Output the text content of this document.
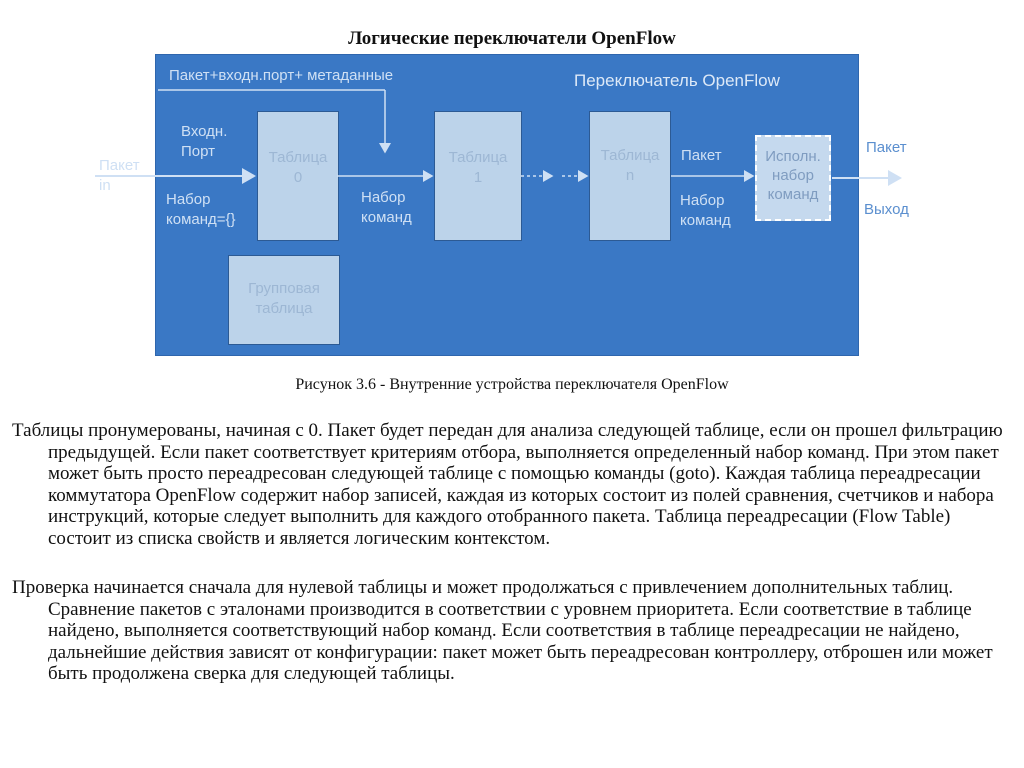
Логические переключатели OpenFlow
Пакет+входн.порт+ метаданные	Переключатель OpenFlow
Входн.
Порт
Набор
команд={}
Таблица
0
Набор
команд
Таблица
1
Таблица
n
Пакет
Набор
команд
Исполн.
набор
команд
Групповая
таблица
Пакет
in
Пакет
Выход
Рисунок 3.6 - Внутренние устройства переключателя OpenFlow
Таблицы пронумерованы, начиная с 0. Пакет будет передан для анализа следующей таблице, если он прошел фильтрацию предыдущей. Если пакет соответствует критериям отбора, выполняется определенный набор команд. При этом пакет может быть просто переадресован следующей таблице с помощью команды (goto). Каждая таблица переадресации коммутатора OpenFlow содержит набор записей, каждая из которых состоит из полей сравнения, счетчиков и набора инструкций, которые следует выполнить для каждого отобранного пакета. Таблица переадресации (Flow Table) состоит из списка свойств и является логическим контекстом.
Проверка начинается сначала для нулевой таблицы и может продолжаться с привлечением дополнительных таблиц. Сравнение пакетов с эталонами производится в соответствии с уровнем приоритета. Если соответствие в таблице найдено, выполняется соответствующий набор команд. Если соответствия в таблице переадресации не найдено, дальнейшие действия зависят от конфигурации: пакет может быть переадресован контроллеру, отброшен или может быть продолжена сверка для следующей таблицы.
